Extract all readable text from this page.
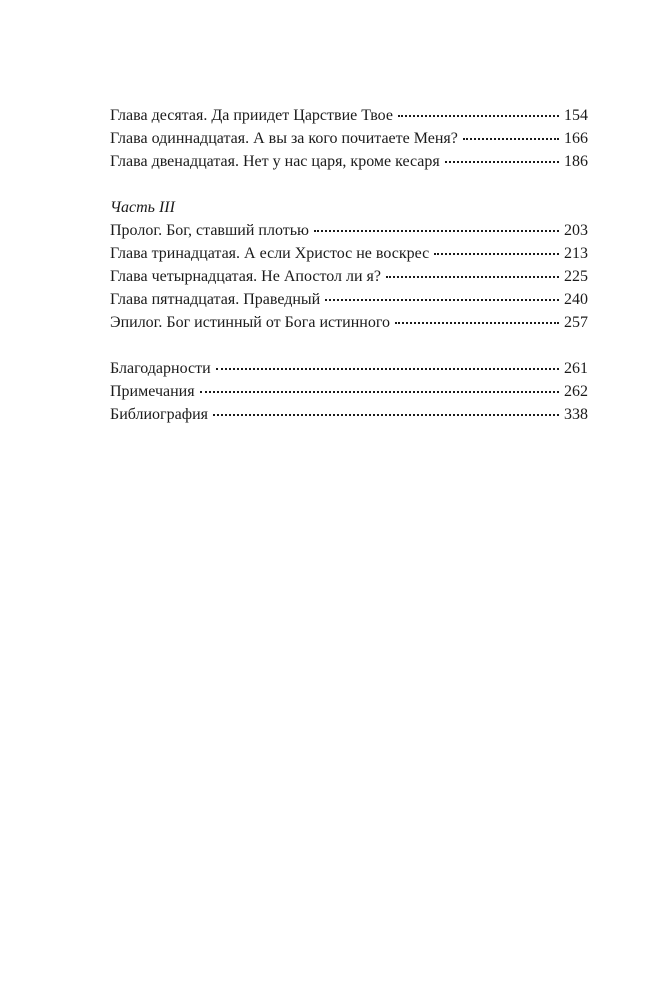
Глава десятая. Да приидет Царствие Твое	154
Глава одиннадцатая. А вы за кого почитаете Меня?	166
Глава двенадцатая. Нет у нас царя, кроме кесаря	186
Часть III
Пролог. Бог, ставший плотью	203
Глава тринадцатая. А если Христос не воскрес	213
Глава четырнадцатая. Не Апостол ли я?	225
Глава пятнадцатая. Праведный	240
Эпилог. Бог истинный от Бога истинного	257
Благодарности	261
Примечания	262
Библиография	338
